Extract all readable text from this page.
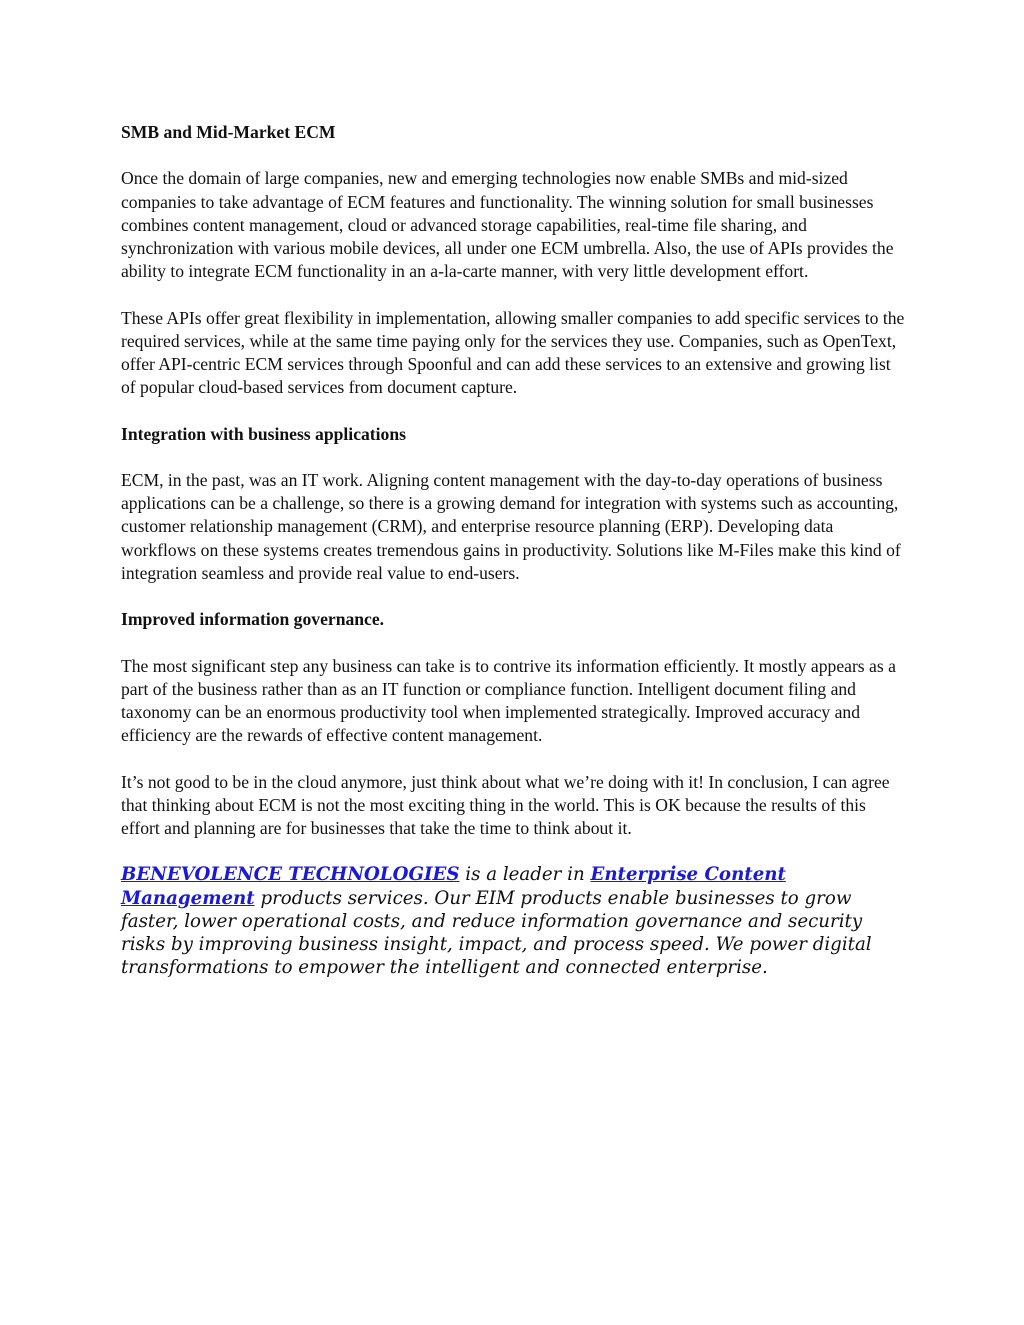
SMB and Mid-Market ECM

Once the domain of large companies, new and emerging technologies now enable SMBs and mid-sized companies to take advantage of ECM features and functionality. The winning solution for small businesses combines content management, cloud or advanced storage capabilities, real-time file sharing, and synchronization with various mobile devices, all under one ECM umbrella. Also, the use of APIs provides the ability to integrate ECM functionality in an a-la-carte manner, with very little development effort.

These APIs offer great flexibility in implementation, allowing smaller companies to add specific services to the required services, while at the same time paying only for the services they use. Companies, such as OpenText, offer API-centric ECM services through Spoonful and can add these services to an extensive and growing list of popular cloud-based services from document capture.

Integration with business applications

ECM, in the past, was an IT work. Aligning content management with the day-to-day operations of business applications can be a challenge, so there is a growing demand for integration with systems such as accounting, customer relationship management (CRM), and enterprise resource planning (ERP). Developing data workflows on these systems creates tremendous gains in productivity. Solutions like M-Files make this kind of integration seamless and provide real value to end-users.

Improved information governance.

The most significant step any business can take is to contrive its information efficiently. It mostly appears as a part of the business rather than as an IT function or compliance function. Intelligent document filing and taxonomy can be an enormous productivity tool when implemented strategically. Improved accuracy and efficiency are the rewards of effective content management.

It’s not good to be in the cloud anymore, just think about what we’re doing with it! In conclusion, I can agree that thinking about ECM is not the most exciting thing in the world. This is OK because the results of this effort and planning are for businesses that take the time to think about it.

BENEVOLENCE TECHNOLOGIES is a leader in Enterprise Content Management products services. Our EIM products enable businesses to grow faster, lower operational costs, and reduce information governance and security risks by improving business insight, impact, and process speed. We power digital transformations to empower the intelligent and connected enterprise.
